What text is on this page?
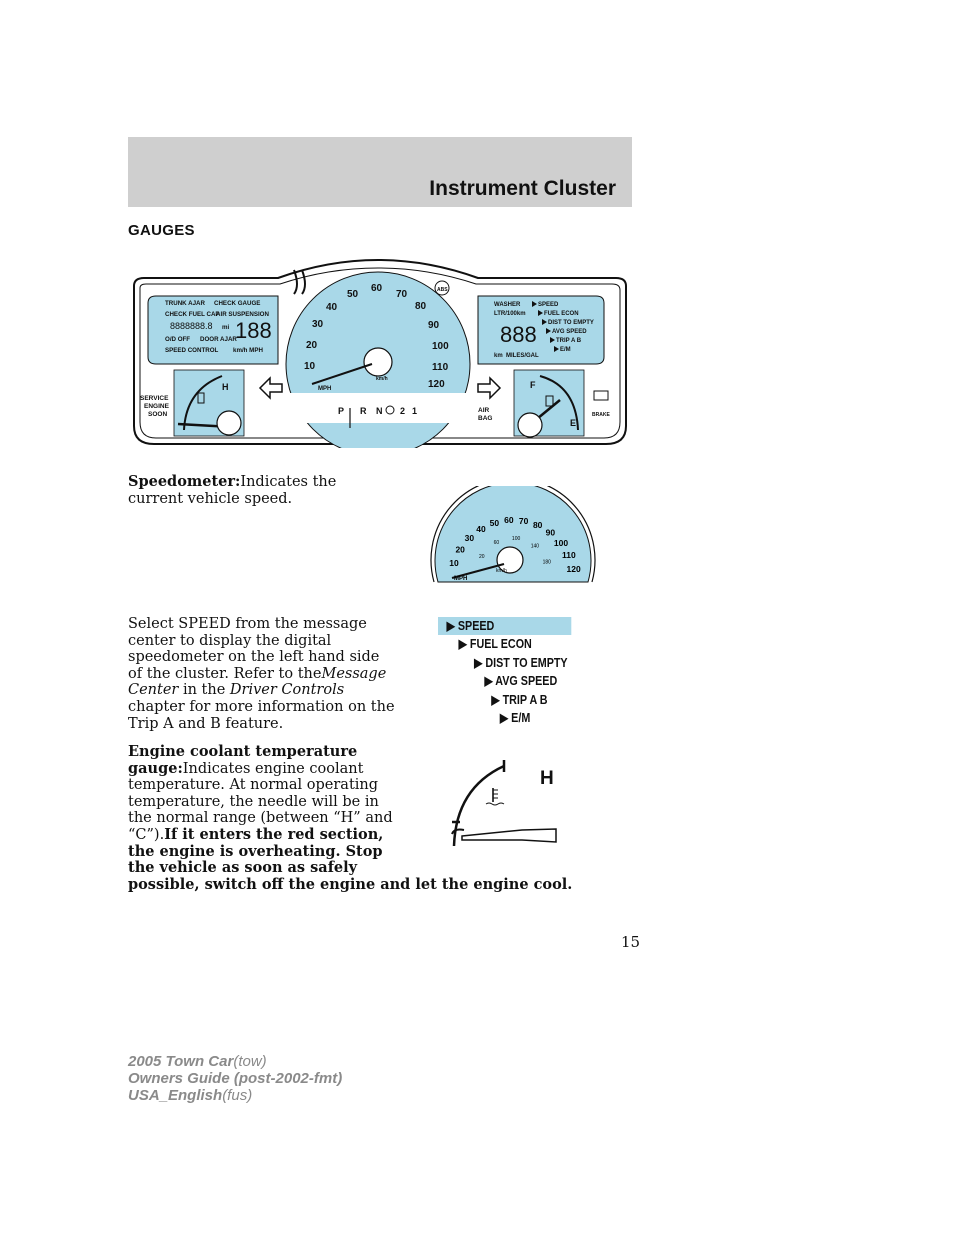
Instrument Cluster
GAUGES
TRUNK AJAR CHECK GAUGE
CHECK FUEL CAP
AIR SUSPENSION
8888888.8 mi 188
O/D OFF DOOR AJAR
SPEED CONTROL km/h MPH
WASHER
LTR/100km
888
km MILES/GAL
SPEED
FUEL ECON
DIST TO EMPTY
AVG SPEED
TRIP A B
E/M
H	F
E
10
20
30
40
50
60
70
80
90
100
110
120
MPH
km/h
P R N 2 1
SERVICE
ENGINE
SOON
AIR
BAG	BRAKE
ABS
Speedometer:Indicates the
current vehicle speed.
10
20
30
40
50 60 70 80
90
100
110
120
20
60
100
140
180
MPH
km/h
Select SPEED from the message
center to display the digital
speedometer on the left hand side
of the cluster. Refer to theMessage
Center in the Driver Controls
chapter for more information on the
Trip A and B feature.
▶ SPEED
▶ FUEL ECON
▶ DIST TO EMPTY
▶ AVG SPEED
▶ TRIP A B
▶ E/M
Engine coolant temperature
gauge:Indicates engine coolant
temperature. At normal operating
temperature, the needle will be in
the normal range (between “H” and
“C”).If it enters the red section,
the engine is overheating. Stop
the vehicle as soon as safely
possible, switch off the engine and let the engine cool.
H
15
2005 Town Car(tow)
Owners Guide (post-2002-fmt)
USA_English(fus)
